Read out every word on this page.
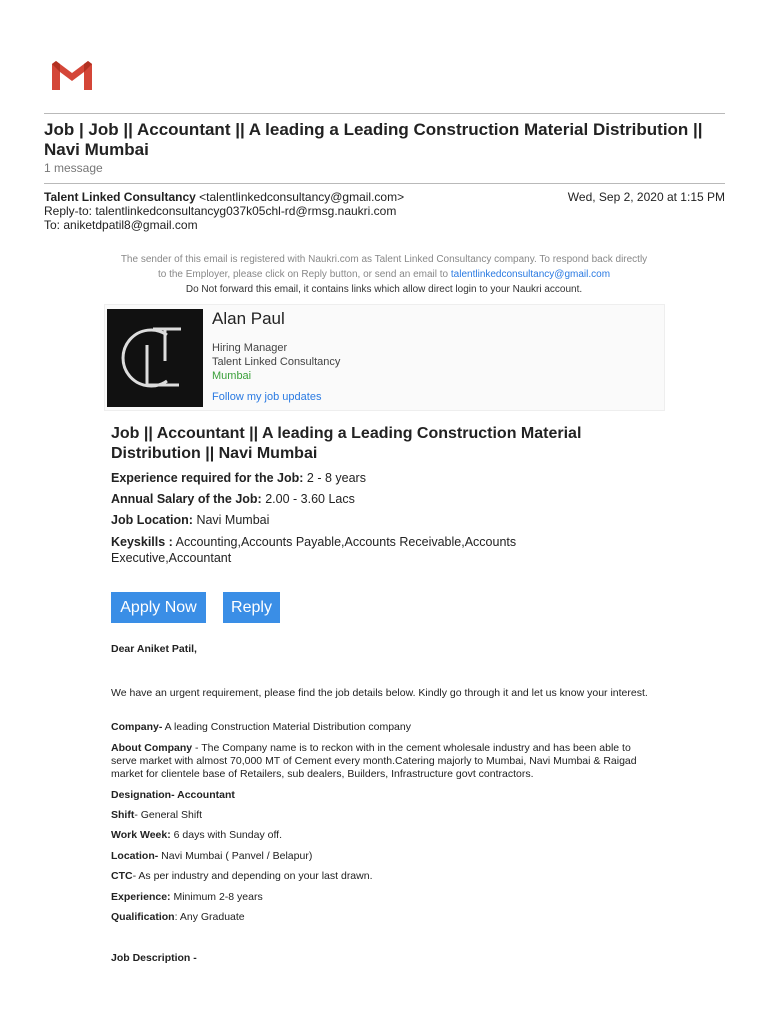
Job | Job || Accountant || A leading a Leading Construction Material Distribution || Navi Mumbai
1 message
Talent Linked Consultancy <talentlinkedconsultancy@gmail.com>	Wed, Sep 2, 2020 at 1:15 PM
Reply-to: talentlinkedconsultancyg037k05chl-rd@rmsg.naukri.com
To: aniketdpatil8@gmail.com
The sender of this email is registered with Naukri.com as Talent Linked Consultancy company. To respond back directly
to the Employer, please click on Reply button, or send an email to talentlinkedconsultancy@gmail.com
Do Not forward this email, it contains links which allow direct login to your Naukri account.
Alan Paul
Hiring Manager
Talent Linked Consultancy
Mumbai
Follow my job updates
Job || Accountant || A leading a Leading Construction Material Distribution || Navi Mumbai
Experience required for the Job: 2 - 8 years
Annual Salary of the Job: 2.00 - 3.60 Lacs
Job Location: Navi Mumbai
Keyskills : Accounting,Accounts Payable,Accounts Receivable,Accounts Executive,Accountant
Apply Now	Reply
Dear Aniket Patil,
We have an urgent requirement, please find the job details below. Kindly go through it and let us know your interest.
Company- A leading Construction Material Distribution company
About Company - The Company name is to reckon with in the cement wholesale industry and has been able to serve market with almost 70,000 MT of Cement every month.Catering majorly to Mumbai, Navi Mumbai & Raigad market for clientele base of Retailers, sub dealers, Builders, Infrastructure govt contractors.
Designation- Accountant
Shift- General Shift
Work Week: 6 days with Sunday off.
Location- Navi Mumbai ( Panvel / Belapur)
CTC- As per industry and depending on your last drawn.
Experience: Minimum 2-8 years
Qualification: Any Graduate
Job Description -
